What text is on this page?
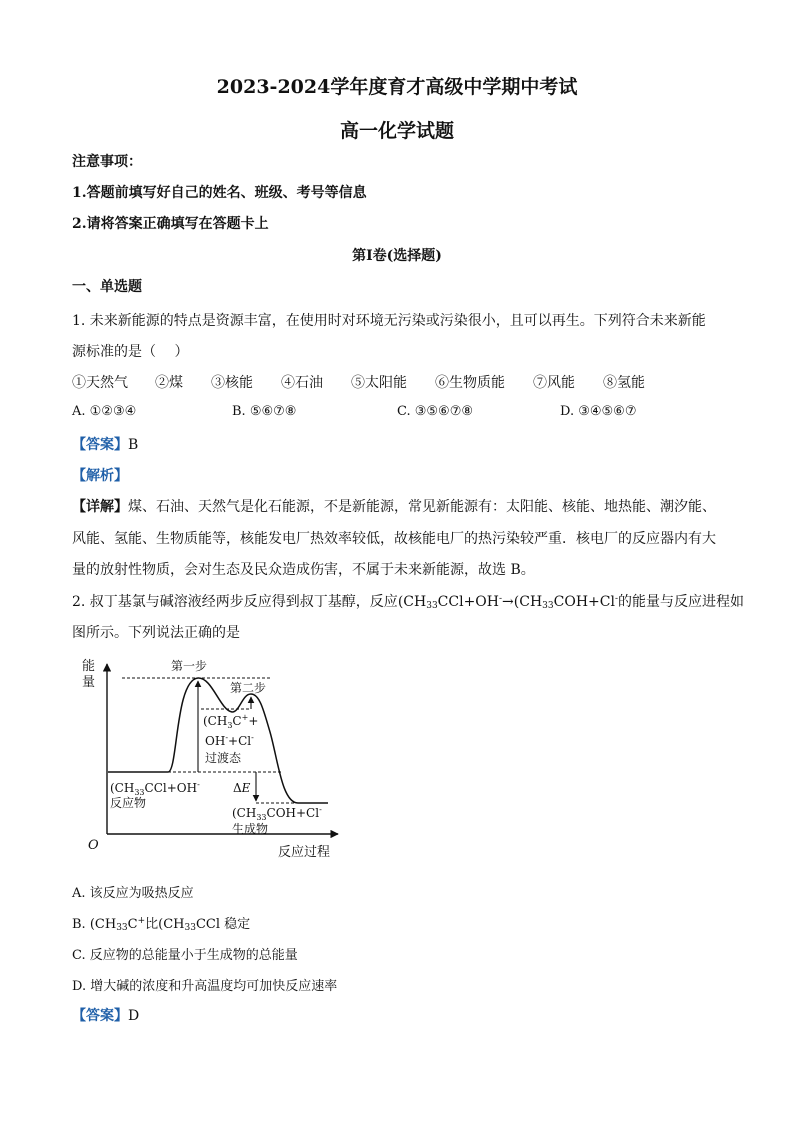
2023-2024学年度育才高级中学期中考试
高一化学试题
注意事项：
1.答题前填写好自己的姓名、班级、考号等信息
2.请将答案正确填写在答题卡上
第Ⅰ卷(选择题)
一、单选题
1. 未来新能源的特点是资源丰富，在使用时对环境无污染或污染很小，且可以再生。下列符合未来新能
源标准的是（　 ）
①天然气 ②煤 ③核能 ④石油 ⑤太阳能 ⑥生物质能 ⑦风能 ⑧氢能
A. ①②③④	B. ⑤⑥⑦⑧	C. ③⑤⑥⑦⑧	D. ③④⑤⑥⑦
【答案】B
【解析】
【详解】煤、石油、天然气是化石能源，不是新能源，常见新能源有：太阳能、核能、地热能、潮汐能、
风能、氢能、生物质能等，核能发电厂热效率较低，故核能电厂的热污染较严重．核电厂的反应器内有大
量的放射性物质，会对生态及民众造成伤害，不属于未来新能源，故选 B。
2. 叔丁基氯与碱溶液经两步反应得到叔丁基醇，反应($CH_{33}CCl+OH^-\to(CH_{33}COH+Cl^-$的能量与反应进程如
图所示。下列说法正确的是
能
量
O	反应过程
第一步
第二步
($CH_3C^++$
OH-+Cl-
过渡态
($CH_33CCl+OH^-$
反应物
ΔE
($CH_33COH+Cl^-$
生成物
A. 该反应为吸热反应
B. ($CH_{33}C^+$比($CH_{33}CCl$ 稳定
C. 反应物的总能量小于生成物的总能量
D. 增大碱的浓度和升高温度均可加快反应速率
【答案】D
